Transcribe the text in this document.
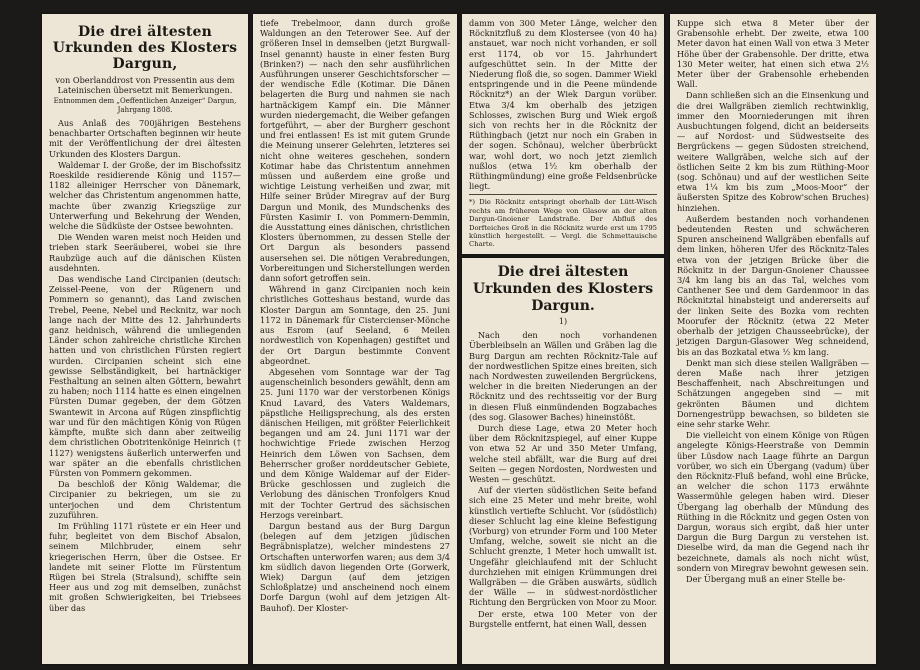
Die drei ältesten Urkunden des Klosters Dargun,
von Oberlanddrost von Pressentin aus dem Lateinischen übersetzt mit Bemerkungen.
Entnommen dem „Oeffentlichen Anzeiger“ Dargun, Jahrgang 1808.

Aus Anlaß des 700jährigen Bestehens benachbarter Ortschaften beginnen wir heute mit der Veröffentlichung der drei ältesten Urkunden des Klosters Dargun.

Waldemar I. der Große, der im Bischofssitz Roeskilde residierende König und 1157—1182 alleiniger Herrscher von Dänemark, welcher das Christentum angenommen hatte, machte über zwanzig Kriegszüge zur Unterwerfung und Bekehrung der Wenden, welche die Südküste der Ostsee bewohnten.

Die Wenden waren meist noch Heiden und trieben stark Seeräuberei, wobei sie ihre Raubzüge auch auf die dänischen Küsten ausdehnten.

Das wendische Land Circipanien (deutsch: Zeissel-Peene, von der Rügenern und Pommern so genannt), das Land zwischen Trebel, Peene, Nebel und Recknitz, war noch lange nach der Mitte des 12. Jahrhunderts ganz heidnisch, während die umliegenden Länder schon zahlreiche christliche Kirchen hatten und von christlichen Fürsten regiert wurden. Circipanien scheint sich eine gewisse Selbständigkeit, bei hartnäckiger Festhaltung an seinen alten Göttern, bewahrt zu haben; noch 1114 hatte es einen eingelnen Fürsten Dumar gegeben, der dem Götzen Swantewit in Arcona auf Rügen zinspflichtig war und für den mächtigen König von Rügen kämpfte, mußte sich dann aber zeitweilig dem christlichen Obotritenkönige Heinrich († 1127) wenigstens äußerlich unterwerfen und war später an die ebenfalls christlichen Fürsten von Pommern gekommen.

Da beschloß der König Waldemar, die Circipanier zu bekriegen, um sie zu unterjochen und dem Christentum zuzuführen.

Im Frühling 1171 rüstete er ein Heer und fuhr, begleitet von dem Bischof Absalon, seinem Milchbruder, einem sehr kriegerischen Herrn, über die Ostsee. Er landete mit seiner Flotte im Fürstentum Rügen bei Strela (Stralsund), schiffte sein Heer aus und zog mit demselben, zunächst mit großen Schwierigkeiten, bei Triebsees über das

tiefe Trebelmoor, dann durch große Waldungen an den Teterower See. Auf der größeren Insel in demselben (jetzt Burgwall-Insel genannt) hauste in einer festen Burg (Brinken?) — nach den sehr ausführlichen Ausführungen unserer Geschichtsforscher — der wendische Edle (Kotimar. Die Dänen belagerten die Burg und nahmen sie nach hartnäckigem Kampf ein. Die Männer wurden niedergemacht, die Weiber gefangen fortgeführt, — aber der Burgherr geschont und frei entlassen! Es ist mit gutem Grunde die Meinung unserer Gelehrten, letzteres sei nicht ohne weiteres geschehen, sondern Kotimar habe das Christentum annehmen müssen und außerdem eine große und wichtige Leistung verheißen und zwar, mit Hilfe seiner Brüder Miregrav auf der Burg Dargun und Monik, des Mundschenks des Fürsten Kasimir I. von Pommern-Demmin, die Ausstattung eines dänischen, christlichen Klosters übernommen, zu dessen Stelle der Ort Dargun als besonders passend ausersehen sei. Die nötigen Verabredungen, Vorbereitungen und Sicherstellungen werden dann sofort getroffen sein.

Während in ganz Circipanien noch kein christliches Gotteshaus bestand, wurde das Kloster Dargun am Sonntage, den 25. Juni 1172 in Dänemark für Cistercienser-Mönche aus Esrom (auf Seeland, 6 Meilen nordwestlich von Kopenhagen) gestiftet und der Ort Dargun bestimmte Convent abgeordnet.

Abgesehen vom Sonntage war der Tag augenscheinlich besonders gewählt, denn am 25. Juni 1170 war der verstorbenen Königs Knud Lavard, des Vaters Waldemars, päpstliche Heiligsprechung, als des ersten dänischen Heiligen, mit größter Feierlichkeit begangen und am 24. Juni 1171 war der hochwichtige Friede zwischen Herzog Heinrich dem Löwen von Sachsen, dem Beherrscher großer norddeutscher Gebiete, und dem Könige Waldemar auf der Eider-Brücke geschlossen und zugleich die Verlobung des dänischen Tronfolgers Knud mit der Tochter Gertrud des sächsischen Herzogs vereinbart.

Dargun bestand aus der Burg Dargun (belegen auf dem jetzigen jüdischen Begräbnisplatze), welcher mindestens 27 Ortschaften unterworfen waren; aus dem 3/4 km südlich davon liegenden Orte (Gorwerk, Wiek) Dargun (auf dem jetzigen Schloßplatze) und anscheinend noch einem Dorfe Dargun (wohl auf dem jetzigen Alt-Bauhof). Der Kloster-

damm von 300 Meter Länge, welcher den Röcknitzfluß zu dem Klostersee (von 40 ha) anstauet, war noch nicht vorhanden, er soll erst 1174, ob vor 15. Jahrhundert aufgeschüttet sein. In der Mitte der Niederung floß die, so sogen. Dammer Wiekl entspringende und in die Peene mündende Röcknitz*) an der Wiek Dargun vorüber. Etwa 3/4 km oberhalb des jetzigen Schlosses, zwischen Burg und Wiek ergoß sich von rechts her in die Röcknitz der Rüthingbach (jetzt nur noch ein Graben in der sogen. Schönau), welcher überbrückt war, wohl dort, wo noch jetzt ziemlich nußlos (etwa 1½ km oberhalb der Rüthingmündung) eine große Feldsenbrücke liegt.

*) Die Röcknitz entspringt oberhalb der Lütt-Wisch rechts am früheren Wege von Glasow an der alten Dargun-Gnoiener Landstraße. Der Abfluß des Dorfteiches Groß in die Röcknitz wurde erst um 1795 künstlich hergestellt. — Vergl. die Schmettauische Charte.
Die drei ältesten Urkunden des Klosters Dargun.
1)

Nach den noch vorhandenen Überbleibseln an Wällen und Gräben lag die Burg Dargun am rechten Röcknitz-Tale auf der nordwestlichen Spitze eines breiten, sich nach Nordwesten zuweilenden Bergrückens, welcher in die breiten Niederungen an der Röcknitz und des rechtsseitig vor der Burg in diesen Fluß einmündenden Bogzabaches (des sog. Glasower Baches) hineinstößt.

Durch diese Lage, etwa 20 Meter hoch über dem Röcknitzspiegel, auf einer Kuppe von etwa 52 Ar und 350 Meter Umfang, welche steil abfällt, war die Burg auf drei Seiten — gegen Nordosten, Nordwesten und Westen — geschützt.

Auf der vierten südöstlichen Seite befand sich eine 25 Meter und mehr breite, wohl künstlich vertiefte Schlucht. Vor (südöstlich) dieser Schlucht lag eine kleine Befestigung (Vorburg) von etrunder Form und 100 Meter Umfang, welche, soweit sie nicht an die Schlucht grenzte, 1 Meter hoch umwallt ist. Ungefähr gleichlaufend mit der Schlucht durchziehen mit einigen Krümmungen drei Wallgräben — die Gräben auswärts, südlich der Wälle — in südwest-nordöstlicher Richtung den Bergrücken von Moor zu Moor.

Der erste, etwa 100 Meter von der Burgstelle entfernt, hat einen Wall, dessen

Kuppe sich etwa 8 Meter über der Grabensohle erhebt. Der zweite, etwa 100 Meter davon hat einen Wall von etwa 3 Meter Höhe über der Grabensohle. Der dritte, etwa 130 Meter weiter, hat einen sich etwa 2½ Meter über der Grabensohle erhebenden Wall.

Dann schließen sich an die Einsenkung und die drei Wallgräben ziemlich rechtwinklig, immer den Moorniederungen mit ihren Ausbuchtungen folgend, dicht an beiderseits — auf Nordost- und Südwestseite des Bergrückens — gegen Südosten streichend, weitere Wallgräben, welche sich auf der östlichen Seite 2 km bis zum Rüthing-Moor (sog. Schönau) und auf der westlichen Seite etwa 1¼ km bis zum „Moos-Moor“ der äußersten Spitze des Kobrow'schen Bruches) hinziehen.

Außerdem bestanden noch vorhandenen bedeutenden Resten und schwächeren Spuren anscheinend Wallgräben ebenfalls auf dem linken, höheren Ufer des Röcknitz-Tales etwa von der jetzigen Brücke über die Röcknitz in der Dargun-Gnoiener Chaussee 3/4 km lang bis an das Tal, welches vom Canthener See und dem Gardenmoor in das Röcknitztal hinabsteigt und andererseits auf der linken Seite des Bozka vom rechten Moorufer der Röcknitz (etwa 22 Meter oberhalb der jetzigen Chausseebrücke), der jetzigen Dargun-Glasower Weg schneidend, bis an das Bozkatal etwa ½ km lang.

Denkt man sich diese steilen Wallgräben — deren Maße nach ihrer jetzigen Beschaffenheit, nach Abschreitungen und Schätzungen angegeben sind — mit gekrönten Bäumen und dichtem Dornengestrüpp bewachsen, so bildeten sie eine sehr starke Wehr.

Die vielleicht von einem Könige von Rügen angelegte Königs-Heerstraße von Demmin über Lüsdow nach Laage führte an Dargun vorüber, wo sich ein Übergang (vadum) über den Röcknitz-Fluß befand, wohl eine Brücke, an welcher die schon 1173 erwähnte Wassermühle gelegen haben wird. Dieser Übergang lag oberhalb der Mündung des Rüthing in die Röcknitz und gegen Osten von Dargun, woraus sich ergibt, daß hier unter Dargun die Burg Dargun zu verstehen ist. Dieselbe wird, da man die Gegend nach ihr bezeichnete, damals als noch nicht wüst, sondern von Miregrav bewohnt gewesen sein.

Der Übergang muß an einer Stelle be-
